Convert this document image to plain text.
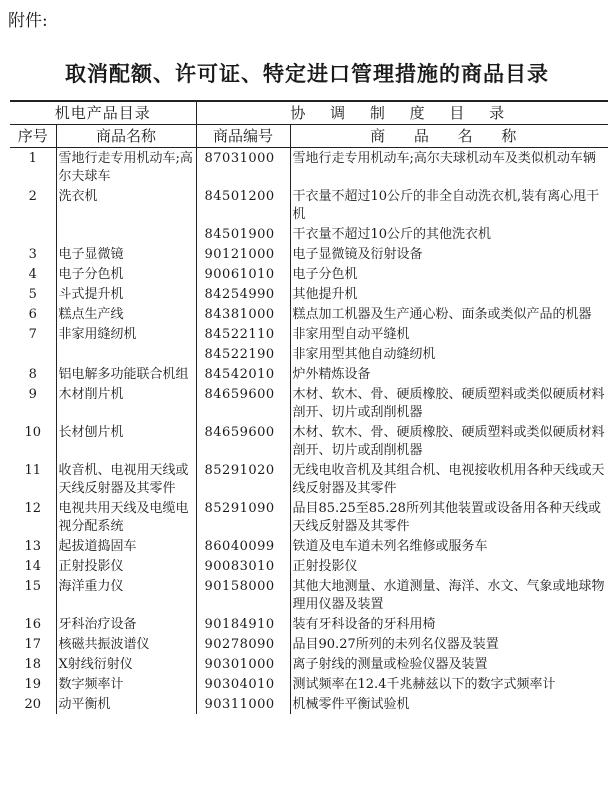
附件:
取消配额、许可证、特定进口管理措施的商品目录
机电产品目录		协 调 制 度 目 录	
序号	商品名称	商品编号	商 品 名 称
1	雪地行走专用机动车;高尔夫球车	87031000	雪地行走专用机动车;高尔夫球机动车及类似机动车辆
2	洗衣机	84501200	干衣量不超过10公斤的非全自动洗衣机,装有离心甩干机
		84501900	干衣量不超过10公斤的其他洗衣机
3	电子显微镜	90121000	电子显微镜及衍射设备
4	电子分色机	90061010	电子分色机
5	斗式提升机	84254990	其他提升机
6	糕点生产线	84381000	糕点加工机器及生产通心粉、面条或类似产品的机器
7	非家用缝纫机	84522110	非家用型自动平缝机
		84522190	非家用型其他自动缝纫机
8	铝电解多功能联合机组	84542010	炉外精炼设备
9	木材削片机	84659600	木材、软木、骨、硬质橡胶、硬质塑料或类似硬质材料剖开、切片或刮削机器
10	长材刨片机	84659600	木材、软木、骨、硬质橡胶、硬质塑料或类似硬质材料剖开、切片或刮削机器
11	收音机、电视用天线或天线反射器及其零件	85291020	无线电收音机及其组合机、电视接收机用各种天线或天线反射器及其零件
12	电视共用天线及电缆电视分配系统	85291090	品目85.25至85.28所列其他装置或设备用各种天线或天线反射器及其零件
13	起拔道捣固车	86040099	铁道及电车道未列名维修或服务车
14	正射投影仪	90083010	正射投影仪
15	海洋重力仪	90158000	其他大地测量、水道测量、海洋、水文、气象或地球物理用仪器及装置
16	牙科治疗设备	90184910	装有牙科设备的牙科用椅
17	核磁共振波谱仪	90278090	品目90.27所列的未列名仪器及装置
18	X射线衍射仪	90301000	离子射线的测量或检验仪器及装置
19	数字频率计	90304010	测试频率在12.4千兆赫兹以下的数字式频率计
20	动平衡机	90311000	机械零件平衡试验机
